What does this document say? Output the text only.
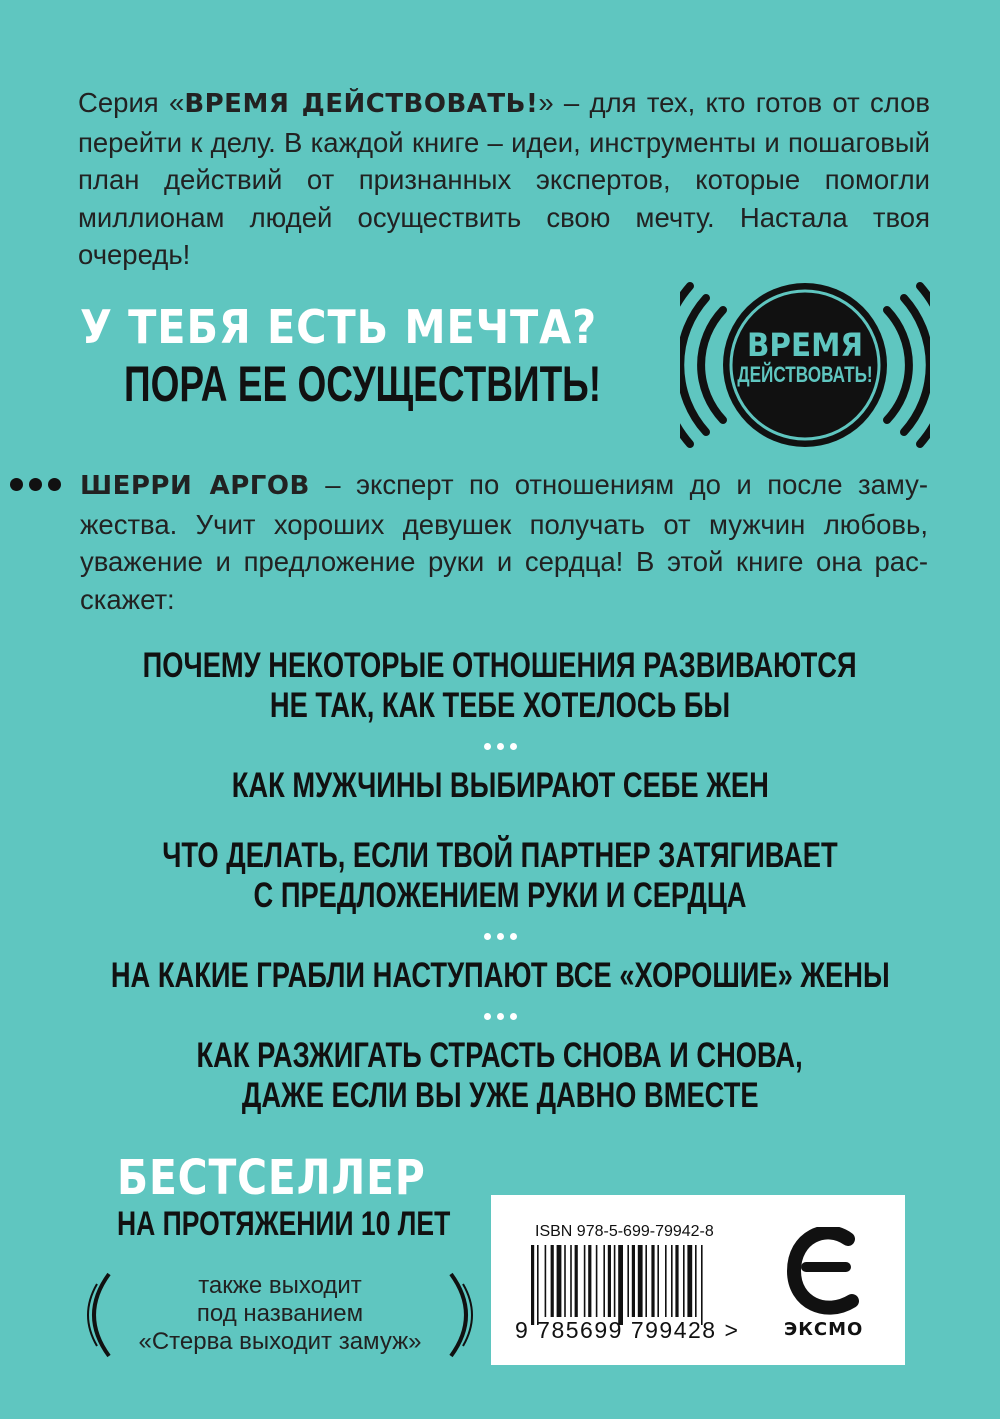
Серия «ВРЕМЯ ДЕЙСТВОВАТЬ!» – для тех, кто готов от слов перейти к делу. В каждой книге – идеи, инструменты и пошаговый план действий от признанных экспертов, которые помогли миллионам людей осуществить свою мечту. Настала твоя очередь!

У ТЕБЯ ЕСТЬ МЕЧТА?
ПОРА ЕЕ ОСУЩЕСТВИТЬ!
ВРЕМЯ
ДЕЙСТВОВАТЬ!

ШЕРРИ АРГОВ – эксперт по отношениям до и после замужества. Учит хороших девушек получать от мужчин любовь, уважение и предложение руки и сердца! В этой книге она расскажет:

ПОЧЕМУ НЕКОТОРЫЕ ОТНОШЕНИЯ РАЗВИВАЮТСЯ
НЕ ТАК, КАК ТЕБЕ ХОТЕЛОСЬ БЫ
КАК МУЖЧИНЫ ВЫБИРАЮТ СЕБЕ ЖЕН
ЧТО ДЕЛАТЬ, ЕСЛИ ТВОЙ ПАРТНЕР ЗАТЯГИВАЕТ
С ПРЕДЛОЖЕНИЕМ РУКИ И СЕРДЦА
НА КАКИЕ ГРАБЛИ НАСТУПАЮТ ВСЕ «ХОРОШИЕ» ЖЕНЫ
КАК РАЗЖИГАТЬ СТРАСТЬ СНОВА И СНОВА,
ДАЖЕ ЕСЛИ ВЫ УЖЕ ДАВНО ВМЕСТЕ
БЕСТСЕЛЛЕР
НА ПРОТЯЖЕНИИ 10 ЛЕТ
также выходит
под названием
«Стерва выходит замуж»
ISBN 978-5-699-79942-8
9 785699 799428 > ЭКСМО
